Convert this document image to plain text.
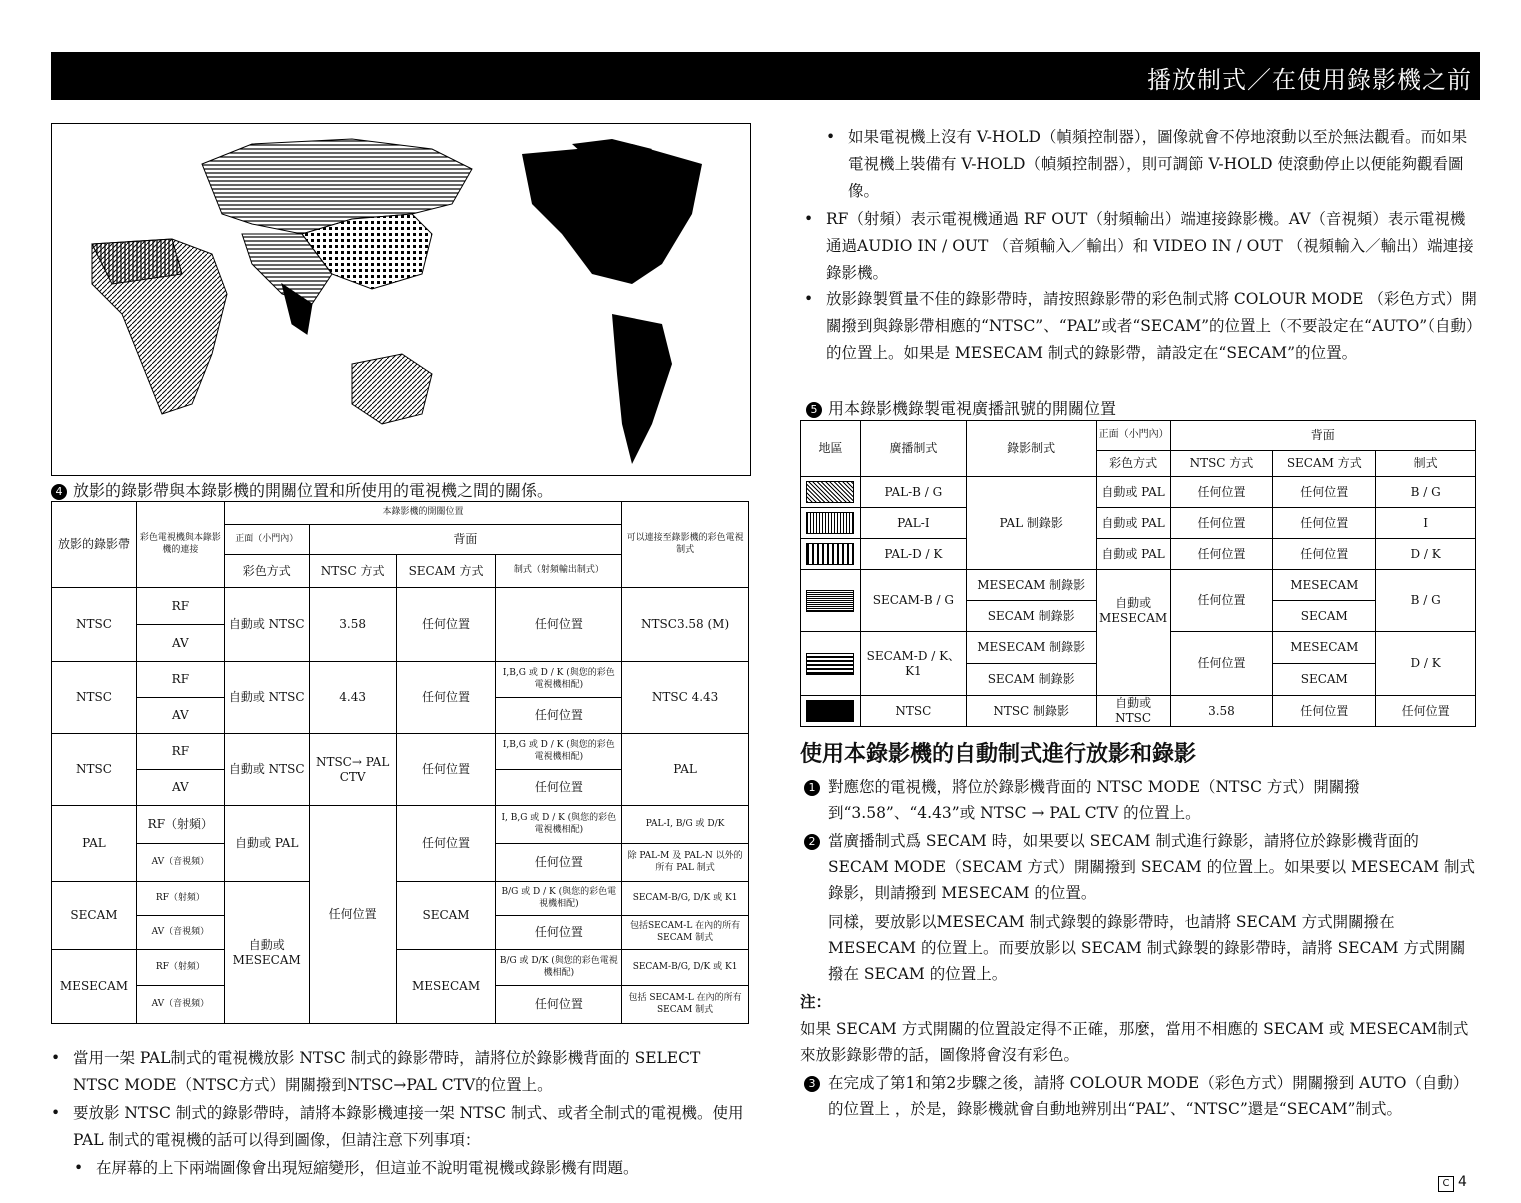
播放制式／在使用錄影機之前
4 放影的錄影帶與本錄影機的開關位置和所使用的電視機之間的關係。
放影的錄影帶	彩色電視機與本錄影機的連接	本錄影機的開關位置				可以連接至錄影機的彩色電視制式
		正面（小門內）	背面			
		彩色方式	NTSC 方式	SECAM 方式	制式（射頻輸出制式）	
NTSC	RF	自動或 NTSC	3.58	任何位置	任何位置	NTSC3.58 (M)
	AV					
NTSC	RF	自動或 NTSC	4.43	任何位置	I,B,G 或 D / K (與您的彩色電視機相配)	NTSC 4.43
	AV				任何位置	
NTSC	RF	自動或 NTSC	NTSC→ PAL CTV	任何位置	I,B,G 或 D / K (與您的彩色電視機相配)	PAL
	AV				任何位置	
PAL	RF（射頻）	自動或 PAL	任何位置	任何位置	I, B,G 或 D / K (與您的彩色電視機相配)	PAL-I, B/G 或 D/K
	AV（音視頻）				任何位置	除 PAL-M 及 PAL-N 以外的所有 PAL 制式
SECAM	RF（射頻）	自動或 MESECAM		SECAM	B/G 或 D / K (與您的彩色電視機相配)	SECAM-B/G, D/K 或 K1
	AV（音視頻）				任何位置	包括SECAM-L 在內的所有 SECAM 制式
MESECAM	RF（射頻）			MESECAM	B/G 或 D/K (與您的彩色電視機相配)	SECAM-B/G, D/K 或 K1
	AV（音視頻）				任何位置	包括 SECAM-L 在內的所有 SECAM 制式
• 當用一架 PAL制式的電視機放影 NTSC 制式的錄影帶時，請將位於錄影機背面的 SELECT NTSC MODE（NTSC方式）開關撥到NTSC→PAL CTV的位置上。
• 要放影 NTSC 制式的錄影帶時，請將本錄影機連接一架 NTSC 制式、或者全制式的電視機。使用 PAL 制式的電視機的話可以得到圖像，但請注意下列事項：
• 在屏幕的上下兩端圖像會出現短縮變形，但這並不說明電視機或錄影機有問題。
• 如果電視機上沒有 V-HOLD（幀頻控制器），圖像就會不停地滾動以至於無法觀看。而如果電視機上裝備有 V-HOLD（幀頻控制器），則可調節 V-HOLD 使滾動停止以便能夠觀看圖像。
• RF（射頻）表示電視機通過 RF OUT（射頻輸出）端連接錄影機。AV（音視頻）表示電視機通過AUDIO IN / OUT （音頻輸入／輸出）和 VIDEO IN / OUT （視頻輸入／輸出）端連接錄影機。
• 放影錄製質量不佳的錄影帶時，請按照錄影帶的彩色制式將 COLOUR MODE （彩色方式）開關撥到與錄影帶相應的“NTSC”、“PAL”或者“SECAM”的位置上（不要設定在“AUTO”（自動）的位置上。如果是 MESECAM 制式的錄影帶，請設定在“SECAM”的位置。
5 用本錄影機錄製電視廣播訊號的開關位置
地區	廣播制式	錄影制式	正面（小門內）	背面		
			彩色方式	NTSC 方式	SECAM 方式	制式
	PAL-B / G	PAL 制錄影	自動或 PAL	任何位置	任何位置	B / G
	PAL-I		自動或 PAL	任何位置	任何位置	I
	PAL-D / K		自動或 PAL	任何位置	任何位置	D / K
	SECAM-B / G	MESECAM 制錄影	自動或 MESECAM	任何位置	MESECAM	B / G
		SECAM 制錄影			SECAM	
	SECAM-D / K、K1	MESECAM 制錄影		任何位置	MESECAM	D / K
		SECAM 制錄影			SECAM	
	NTSC	NTSC 制錄影	自動或 NTSC	3.58	任何位置	任何位置
使用本錄影機的自動制式進行放影和錄影
1 對應您的電視機，將位於錄影機背面的 NTSC MODE（NTSC 方式）開關撥到“3.58”、“4.43”或 NTSC → PAL CTV 的位置上。
2 當廣播制式爲 SECAM 時，如果要以 SECAM 制式進行錄影，請將位於錄影機背面的 SECAM MODE（SECAM 方式）開關撥到 SECAM 的位置上。如果要以 MESECAM 制式錄影，則請撥到 MESECAM 的位置。
同樣，要放影以MESECAM 制式錄製的錄影帶時，也請將 SECAM 方式開關撥在 MESECAM 的位置上。而要放影以 SECAM 制式錄製的錄影帶時，請將 SECAM 方式開關撥在 SECAM 的位置上。
注：
如果 SECAM 方式開關的位置設定得不正確，那麼，當用不相應的 SECAM 或 MESECAM制式來放影錄影帶的話，圖像將會沒有彩色。
3 在完成了第1和第2步驟之後，請將 COLOUR MODE（彩色方式）開關撥到 AUTO（自動）的位置上 ，於是，錄影機就會自動地辨別出“PAL”、“NTSC”還是“SECAM”制式。
C 4
